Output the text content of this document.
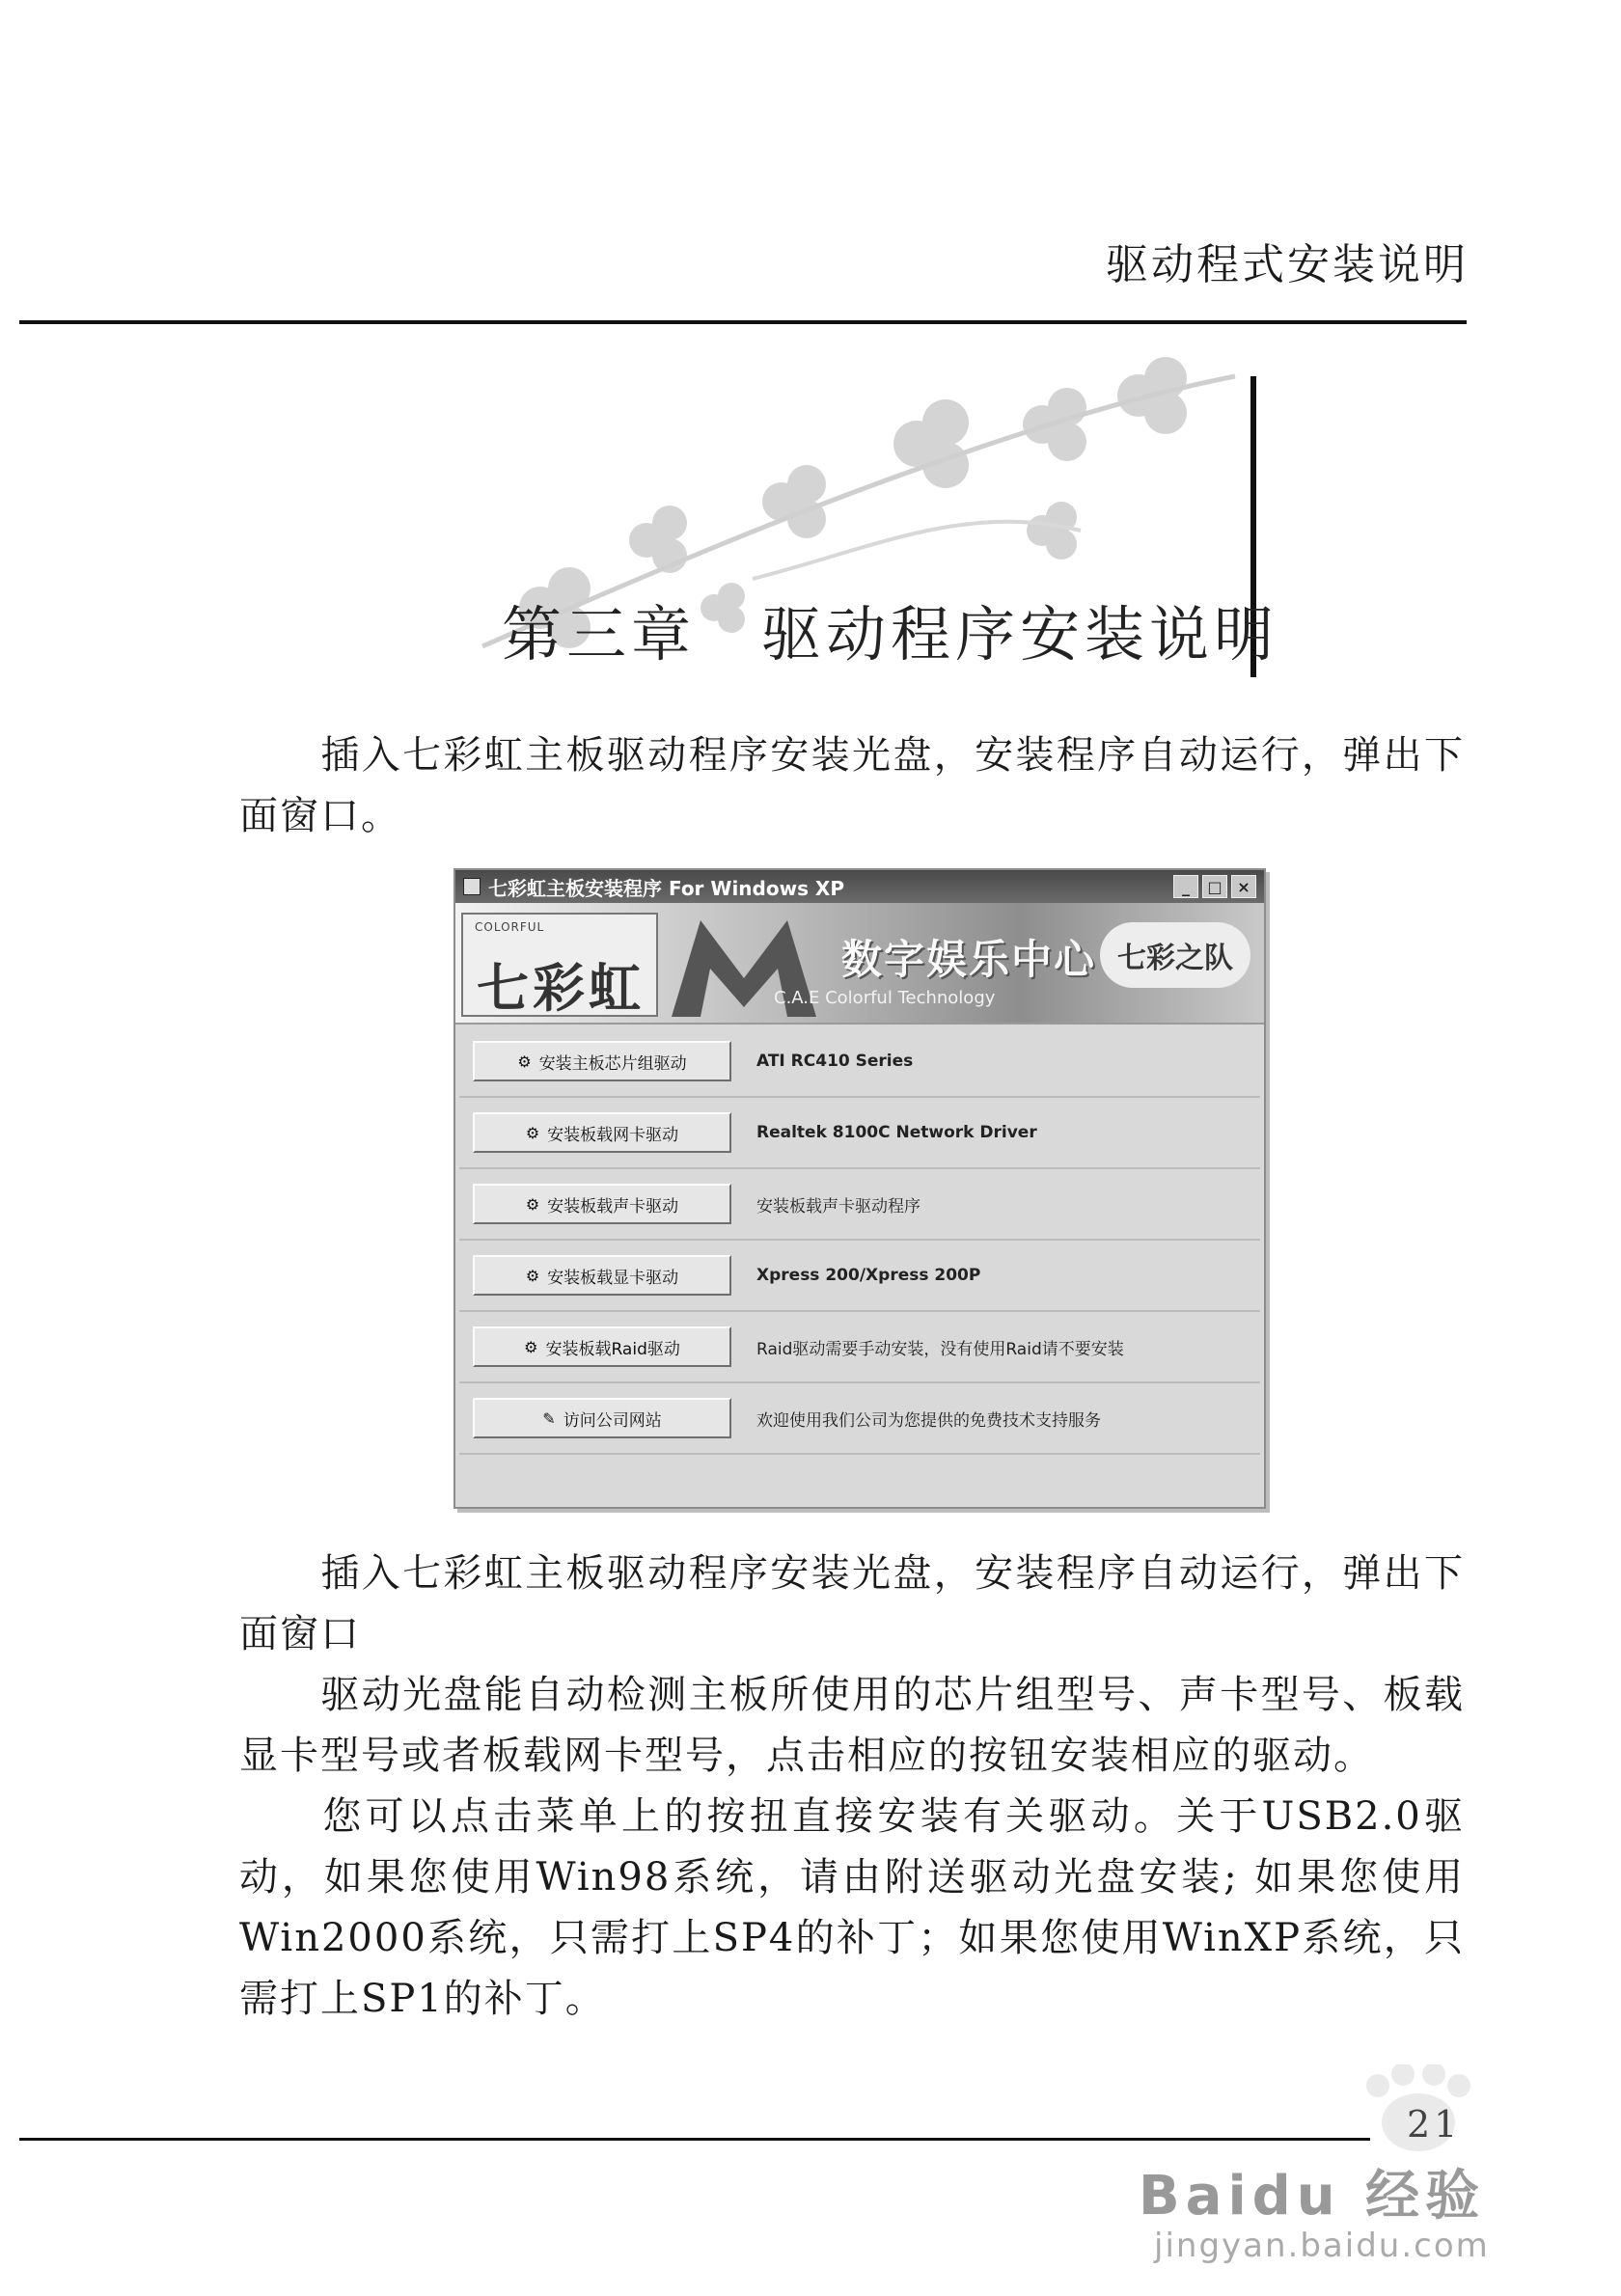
驱动程式安装说明
第三章 驱动程序安装说明
插入七彩虹主板驱动程序安装光盘，安装程序自动运行，弹出下面窗口。
七彩虹主板安装程序 For Windows XP	_	□ ×
COLORFUL
七彩虹	数字娱乐中心
C.A.E Colorful Technology
七彩之队
⚙ 安装主板芯片组驱动	ATI RC410 Series
⚙ 安装板载网卡驱动	Realtek 8100C Network Driver
⚙ 安装板载声卡驱动	安装板载声卡驱动程序
⚙ 安装板载显卡驱动	Xpress 200/Xpress 200P
⚙ 安装板载Raid驱动	Raid驱动需要手动安装，没有使用Raid请不要安装
✎ 访问公司网站	欢迎使用我们公司为您提供的免费技术支持服务
插入七彩虹主板驱动程序安装光盘，安装程序自动运行，弹出下面窗口
驱动光盘能自动检测主板所使用的芯片组型号、声卡型号、板载显卡型号或者板载网卡型号，点击相应的按钮安装相应的驱动。
您可以点击菜单上的按扭直接安装有关驱动。关于USB2.0驱动，如果您使用Win98系统，请由附送驱动光盘安装; 如果您使用Win2000系统，只需打上SP4的补丁；如果您使用WinXP系统，只需打上SP1的补丁。
Baidu 经验
jingyan.baidu.com
21
